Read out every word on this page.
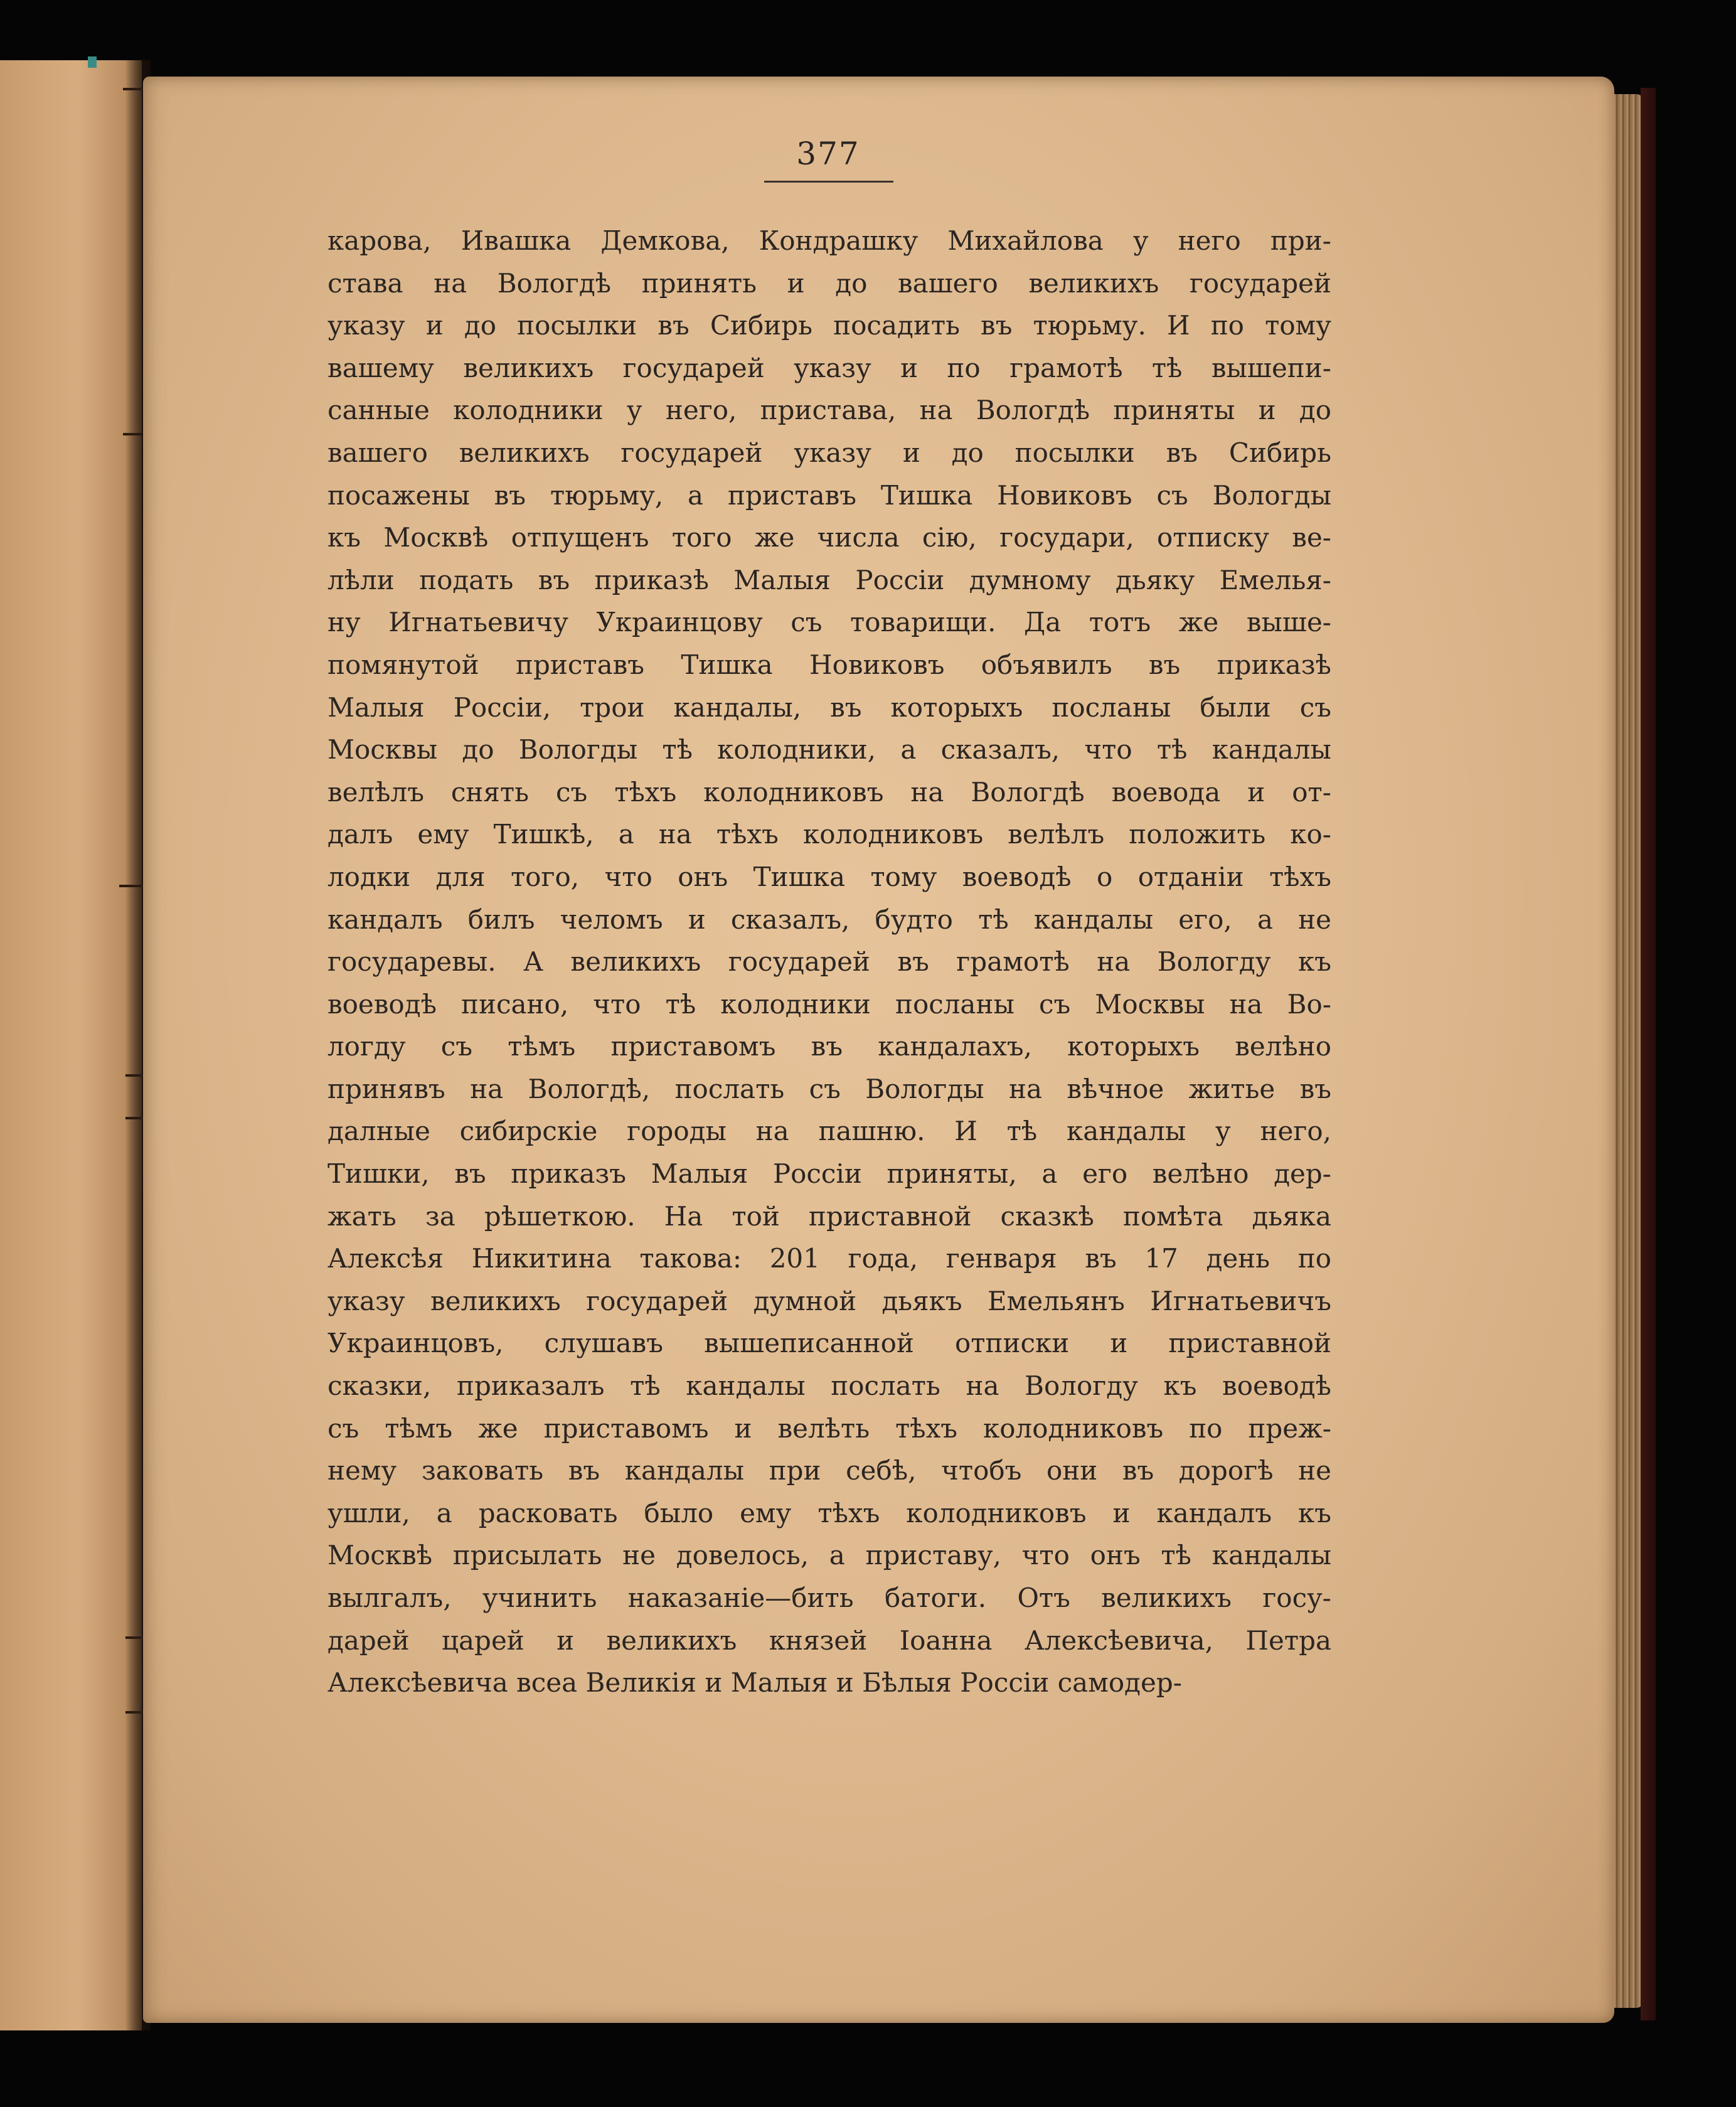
377
карова, Ивашка Демкова, Кондрашку Михайлова у него при-
става на Вологдѣ принять и до вашего великихъ государей
указу и до посылки въ Сибирь посадить въ тюрьму. И по тому
вашему великихъ государей указу и по грамотѣ тѣ вышепи-
санные колодники у него, пристава, на Вологдѣ приняты и до
вашего великихъ государей указу и до посылки въ Сибирь
посажены въ тюрьму, а приставъ Тишка Новиковъ съ Вологды
къ Москвѣ отпущенъ того же числа сію, государи, отписку ве-
лѣли подать въ приказѣ Малыя Россіи думному дьяку Емелья-
ну Игнатьевичу Украинцову съ товарищи. Да тотъ же выше-
помянутой приставъ Тишка Новиковъ объявилъ въ приказѣ
Малыя Россіи, трои кандалы, въ которыхъ посланы были съ
Москвы до Вологды тѣ колодники, а сказалъ, что тѣ кандалы
велѣлъ снять съ тѣхъ колодниковъ на Вологдѣ воевода и от-
далъ ему Тишкѣ, а на тѣхъ колодниковъ велѣлъ положить ко-
лодки для того, что онъ Тишка тому воеводѣ о отданіи тѣхъ
кандалъ билъ челомъ и сказалъ, будто тѣ кандалы его, а не
государевы. А великихъ государей въ грамотѣ на Вологду къ
воеводѣ писано, что тѣ колодники посланы съ Москвы на Во-
логду съ тѣмъ приставомъ въ кандалахъ, которыхъ велѣно
принявъ на Вологдѣ, послать съ Вологды на вѣчное житье въ
далные сибирскіе городы на пашню. И тѣ кандалы у него,
Тишки, въ приказъ Малыя Россіи приняты, а его велѣно дер-
жать за рѣшеткою. На той приставной сказкѣ помѣта дьяка
Алексѣя Никитина такова: 201 года, генваря въ 17 день по
указу великихъ государей думной дьякъ Емельянъ Игнатьевичъ
Украинцовъ, слушавъ вышеписанной отписки и приставной
сказки, приказалъ тѣ кандалы послать на Вологду къ воеводѣ
съ тѣмъ же приставомъ и велѣть тѣхъ колодниковъ по преж-
нему заковать въ кандалы при себѣ, чтобъ они въ дорогѣ не
ушли, а расковать было ему тѣхъ колодниковъ и кандалъ къ
Москвѣ присылать не довелось, а приставу, что онъ тѣ кандалы
вылгалъ, учинить наказаніе—бить батоги. Отъ великихъ госу-
дарей царей и великихъ князей Іоанна Алексѣевича, Петра
Алексѣевича всеа Великія и Малыя и Бѣлыя Россіи самодер-
